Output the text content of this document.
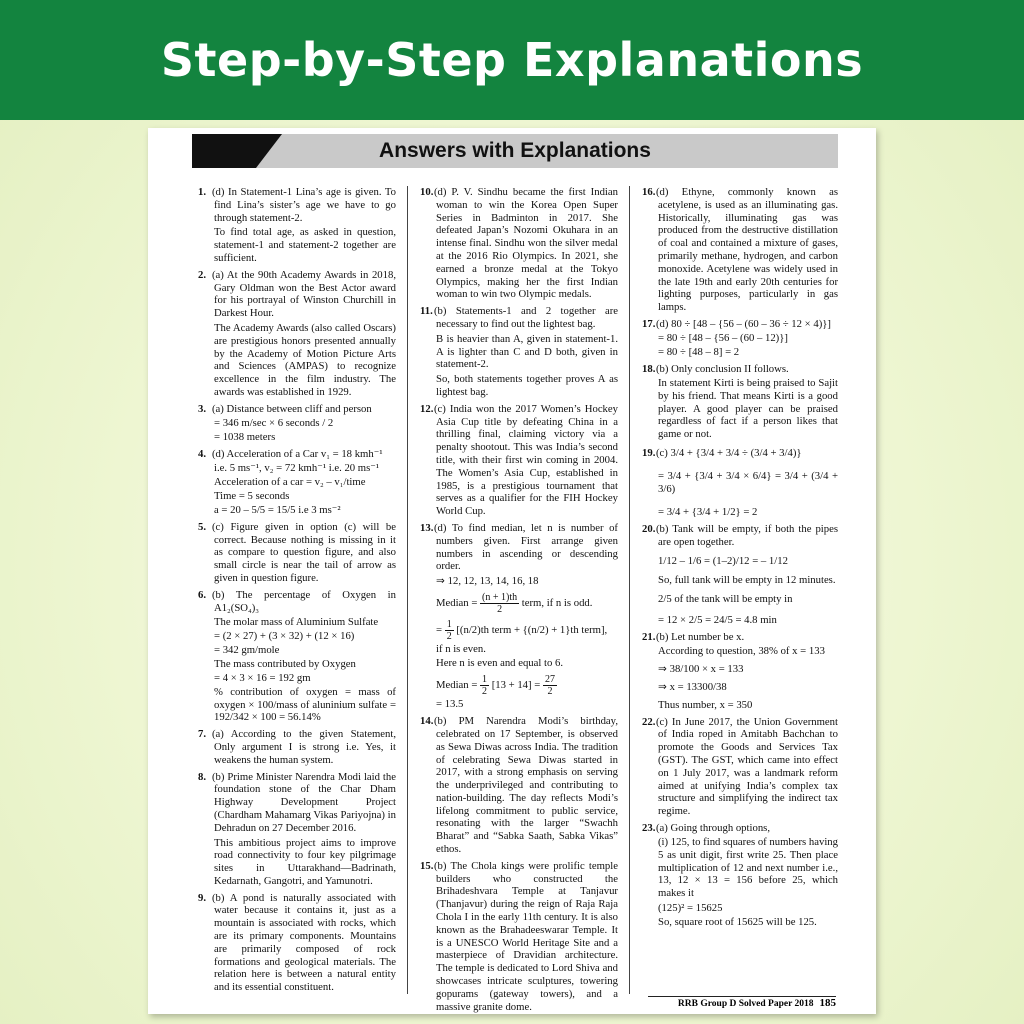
Step-by-Step Explanations
Answers with Explanations
1. (d) In Statement-1 Lina’s age is given. To find Lina’s sister’s age we have to go through statement-2.
To find total age, as asked in question, statement-1 and statement-2 together are sufficient.
2. (a) At the 90th Academy Awards in 2018, Gary Oldman won the Best Actor award for his portrayal of Winston Churchill in Darkest Hour.
The Academy Awards (also called Oscars) are prestigious honors presented annually by the Academy of Motion Picture Arts and Sciences (AMPAS) to recognize excellence in the film industry. The awards was established in 1929.
3. (a) Distance between cliff and person
= 346 m/sec × 6 seconds / 2
= 1038 meters
4. (d) Acceleration of a Car v₁ = 18 kmh⁻¹
i.e. 5 ms⁻¹, v₂ = 72 kmh⁻¹ i.e. 20 ms⁻¹
Acceleration of a car = v₂ – v₁/time
Time = 5 seconds
a = 20 – 5/5 = 15/5 i.e 3 ms⁻²
5. (c) Figure given in option (c) will be correct. Because nothing is missing in it as compare to question figure, and also small circle is near the tail of arrow as given in question figure.
6. (b) The percentage of Oxygen in A1₂(SO₄)₃
The molar mass of Aluminium Sulfate
= (2 × 27) + (3 × 32) + (12 × 16)
= 342 gm/mole
The mass contributed by Oxygen
= 4 × 3 × 16 = 192 gm
% contribution of oxygen = mass of oxygen × 100/mass of aluninium sulfate = 192/342 × 100 = 56.14%
7. (a) According to the given Statement, Only argument I is strong i.e. Yes, it weakens the human system.
8. (b) Prime Minister Narendra Modi laid the foundation stone of the Char Dham Highway Development Project (Chardham Mahamarg Vikas Pariyojna) in Dehradun on 27 December 2016.
This ambitious project aims to improve road connectivity to four key pilgrimage sites in Uttarakhand—Badrinath, Kedarnath, Gangotri, and Yamunotri.
9. (b) A pond is naturally associated with water because it contains it, just as a mountain is associated with rocks, which are its primary components. Mountains are primarily composed of rock formations and geological materials. The relation here is between a natural entity and its essential constituent.
10.(d) P. V. Sindhu became the first Indian woman to win the Korea Open Super Series in Badminton in 2017. She defeated Japan’s Nozomi Okuhara in an intense final. Sindhu won the silver medal at the 2016 Rio Olympics. In 2021, she earned a bronze medal at the Tokyo Olympics, making her the first Indian woman to win two Olympic medals.
11.(b) Statements-1 and 2 together are necessary to find out the lightest bag.
B is heavier than A, given in statement-1. A is lighter than C and D both, given in statement-2.
So, both statements together proves A as lightest bag.
12.(c) India won the 2017 Women’s Hockey Asia Cup title by defeating China in a thrilling final, claiming victory via a penalty shootout. This was India’s second title, with their first win coming in 2004. The Women’s Asia Cup, established in 1985, is a prestigious tournament that serves as a qualifier for the FIH Hockey World Cup.
13.(d) To find median, let n is number of numbers given. First arrange given numbers in ascending or descending order.
⇒ 12, 12, 13, 14, 16, 18
Median = $\frac{(n + 1)th}{2}$ term, if n is odd.
= $\frac{1}{2} [(n/2)th$ term + {(n/2) + 1}th term],
if n is even.
Here n is even and equal to 6.
Median = $\frac{1}{2} [13 + 14] = \frac{27}{2}$
= 13.5
14.(b) PM Narendra Modi’s birthday, celebrated on 17 September, is observed as Sewa Diwas across India. The tradition of celebrating Sewa Diwas started in 2017, with a strong emphasis on serving the underprivileged and contributing to nation-building. The day reflects Modi’s lifelong commitment to public service, resonating with the larger “Swachh Bharat” and “Sabka Saath, Sabka Vikas” ethos.
15.(b) The Chola kings were prolific temple builders who constructed the Brihadeshvara Temple at Tanjavur (Thanjavur) during the reign of Raja Raja Chola I in the early 11th century. It is also known as the Brahadeeswarar Temple. It is a UNESCO World Heritage Site and a masterpiece of Dravidian architecture. The temple is dedicated to Lord Shiva and showcases intricate sculptures, towering gopurams (gateway towers), and a massive granite dome.
16.(d) Ethyne, commonly known as acetylene, is used as an illuminating gas. Historically, illuminating gas was produced from the destructive distillation of coal and contained a mixture of gases, primarily methane, hydrogen, and carbon monoxide. Acetylene was widely used in the late 19th and early 20th centuries for lighting purposes, particularly in gas lamps.
17.(d) 80 ÷ [48 – {56 – (60 – 36 ÷ 12 × 4)}]
= 80 ÷ [48 – {56 – (60 – 12)}]
= 80 ÷ [48 – 8] = 2
18.(b) Only conclusion II follows.
In statement Kirti is being praised to Sajit by his friend. That means Kirti is a good player. A good player can be praised regardless of fact if a person likes that game or not.
19.(c) 3/4 + {3/4 + 3/4 ÷ (3/4 + 3/4)}
= 3/4 + {3/4 + 3/4 × 6/4} = 3/4 + (3/4 + 3/6)
= 3/4 + {3/4 + 1/2} = 2
20.(b) Tank will be empty, if both the pipes are open together.
1/12 – 1/6 = (1–2)/12 = – 1/12
So, full tank will be empty in 12 minutes.
2/5 of the tank will be empty in
= 12 × 2/5 = 24/5 = 4.8 min
21.(b) Let number be x.
According to question, 38% of x = 133
⇒ 38/100 × x = 133
⇒ x = 13300/38
Thus number, x = 350
22.(c) In June 2017, the Union Government of India roped in Amitabh Bachchan to promote the Goods and Services Tax (GST). The GST, which came into effect on 1 July 2017, was a landmark reform aimed at unifying India’s complex tax structure and simplifying the indirect tax regime.
23.(a) Going through options,
(i) 125, to find squares of numbers having 5 as unit digit, first write 25. Then place multiplication of 12 and next number i.e., 13, 12 × 13 = 156 before 25, which makes it
(125)² = 15625
So, square root of 15625 will be 125.
RRB Group D Solved Paper 2018 185
